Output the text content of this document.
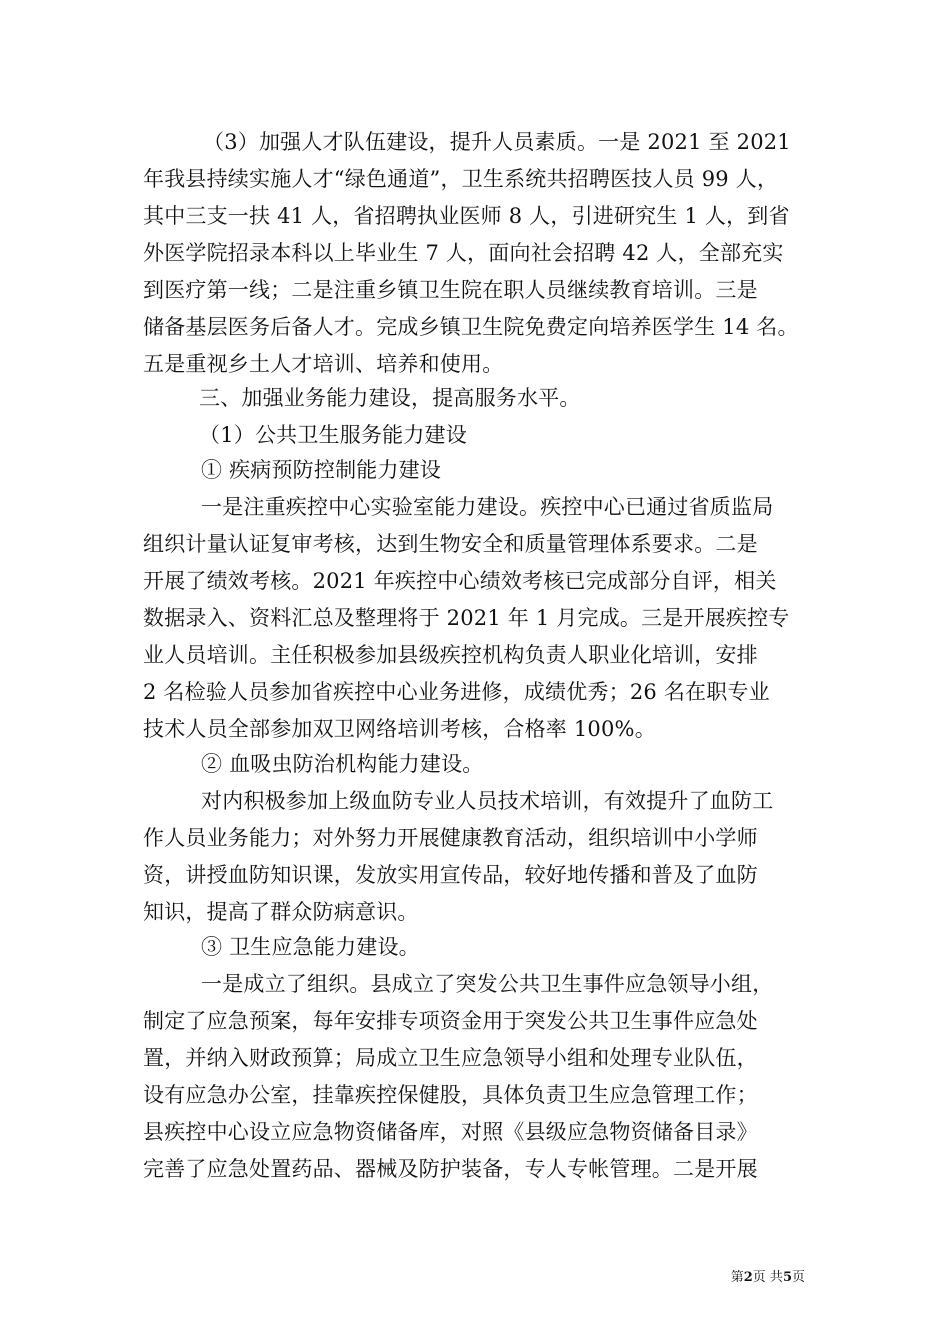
（3）加强人才队伍建设，提升人员素质。一是 2021 至 2021
年我县持续实施人才“绿色通道”，卫生系统共招聘医技人员 99 人，
其中三支一扶 41 人，省招聘执业医师 8 人，引进研究生 1 人，到省
外医学院招录本科以上毕业生 7 人，面向社会招聘 42 人，全部充实
到医疗第一线；二是注重乡镇卫生院在职人员继续教育培训。三是
储备基层医务后备人才。完成乡镇卫生院免费定向培养医学生 14 名。
五是重视乡土人才培训、培养和使用。
三、加强业务能力建设，提高服务水平。
（1）公共卫生服务能力建设
① 疾病预防控制能力建设
一是注重疾控中心实验室能力建设。疾控中心已通过省质监局
组织计量认证复审考核，达到生物安全和质量管理体系要求。二是
开展了绩效考核。2021 年疾控中心绩效考核已完成部分自评，相关
数据录入、资料汇总及整理将于 2021 年 1 月完成。三是开展疾控专
业人员培训。主任积极参加县级疾控机构负责人职业化培训，安排
2 名检验人员参加省疾控中心业务进修，成绩优秀；26 名在职专业
技术人员全部参加双卫网络培训考核，合格率 100%。
② 血吸虫防治机构能力建设。
对内积极参加上级血防专业人员技术培训，有效提升了血防工
作人员业务能力；对外努力开展健康教育活动，组织培训中小学师
资，讲授血防知识课，发放实用宣传品，较好地传播和普及了血防
知识，提高了群众防病意识。
③ 卫生应急能力建设。
一是成立了组织。县成立了突发公共卫生事件应急领导小组，
制定了应急预案，每年安排专项资金用于突发公共卫生事件应急处
置，并纳入财政预算；局成立卫生应急领导小组和处理专业队伍，
设有应急办公室，挂靠疾控保健股，具体负责卫生应急管理工作；
县疾控中心设立应急物资储备库，对照《县级应急物资储备目录》
完善了应急处置药品、器械及防护装备，专人专帐管理。二是开展
第2页 共5页
